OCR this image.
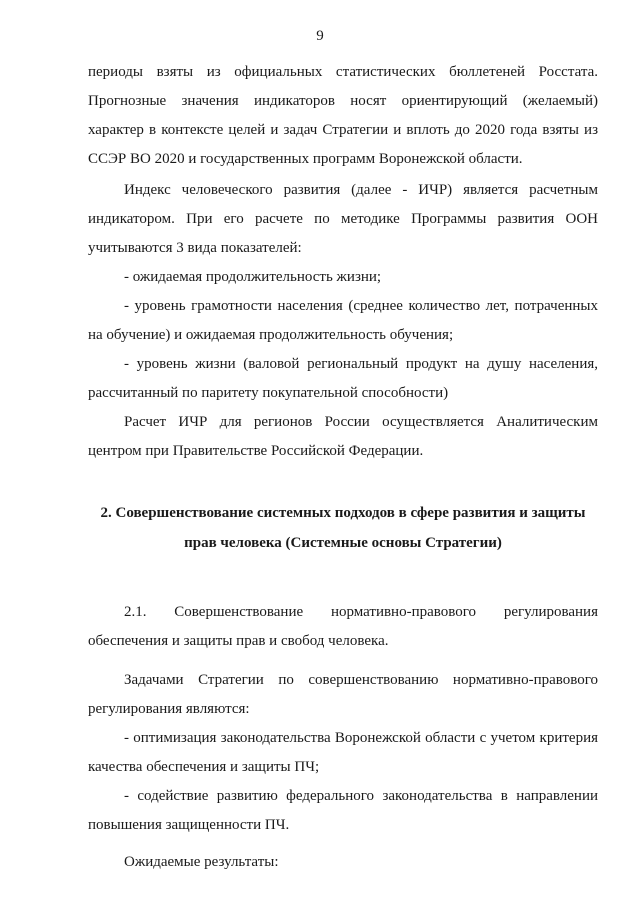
9

периоды взяты из официальных статистических бюллетеней Росстата. Прогнозные значения индикаторов носят ориентирующий (желаемый) характер в контексте целей и задач Стратегии и вплоть до 2020 года взяты из ССЭР ВО 2020 и государственных программ Воронежской области.

Индекс человеческого развития (далее - ИЧР) является расчетным индикатором. При его расчете по методике Программы развития ООН учитываются 3 вида показателей:

- ожидаемая продолжительность жизни;

- уровень грамотности населения (среднее количество лет, потраченных на обучение) и ожидаемая продолжительность обучения;

- уровень жизни (валовой региональный продукт на душу населения, рассчитанный по паритету покупательной способности)

Расчет ИЧР для регионов России осуществляется Аналитическим центром при Правительстве Российской Федерации.

2. Совершенствование системных подходов в сфере развития и защиты прав человека (Системные основы Стратегии)

2.1. Совершенствование нормативно-правового регулирования
обеспечения и защиты прав и свобод человека.

Задачами Стратегии по совершенствованию нормативно-правового регулирования являются:

- оптимизация законодательства Воронежской области с учетом критерия качества обеспечения и защиты ПЧ;

- содействие развитию федерального законодательства в направлении повышения защищенности ПЧ.

Ожидаемые результаты:
